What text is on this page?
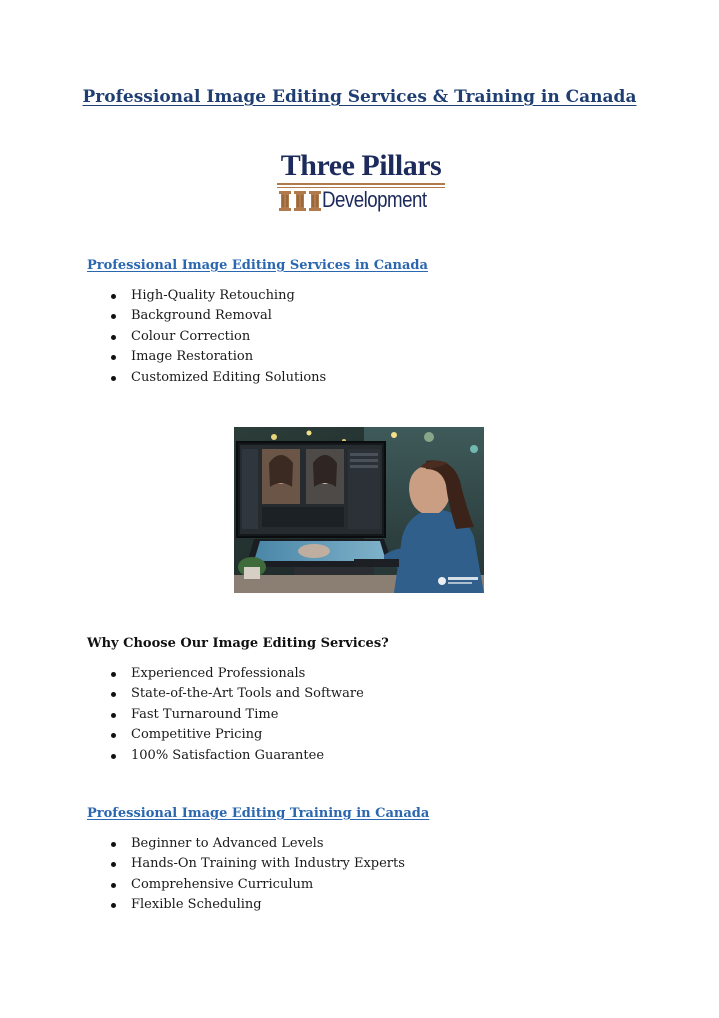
Professional Image Editing Services & Training in Canada
Three Pillars
Development
Professional Image Editing Services in Canada
High-Quality Retouching
Background Removal
Colour Correction
Image Restoration
Customized Editing Solutions
Why Choose Our Image Editing Services?
Experienced Professionals
State-of-the-Art Tools and Software
Fast Turnaround Time
Competitive Pricing
100% Satisfaction Guarantee
Professional Image Editing Training in Canada
Beginner to Advanced Levels
Hands-On Training with Industry Experts
Comprehensive Curriculum
Flexible Scheduling
